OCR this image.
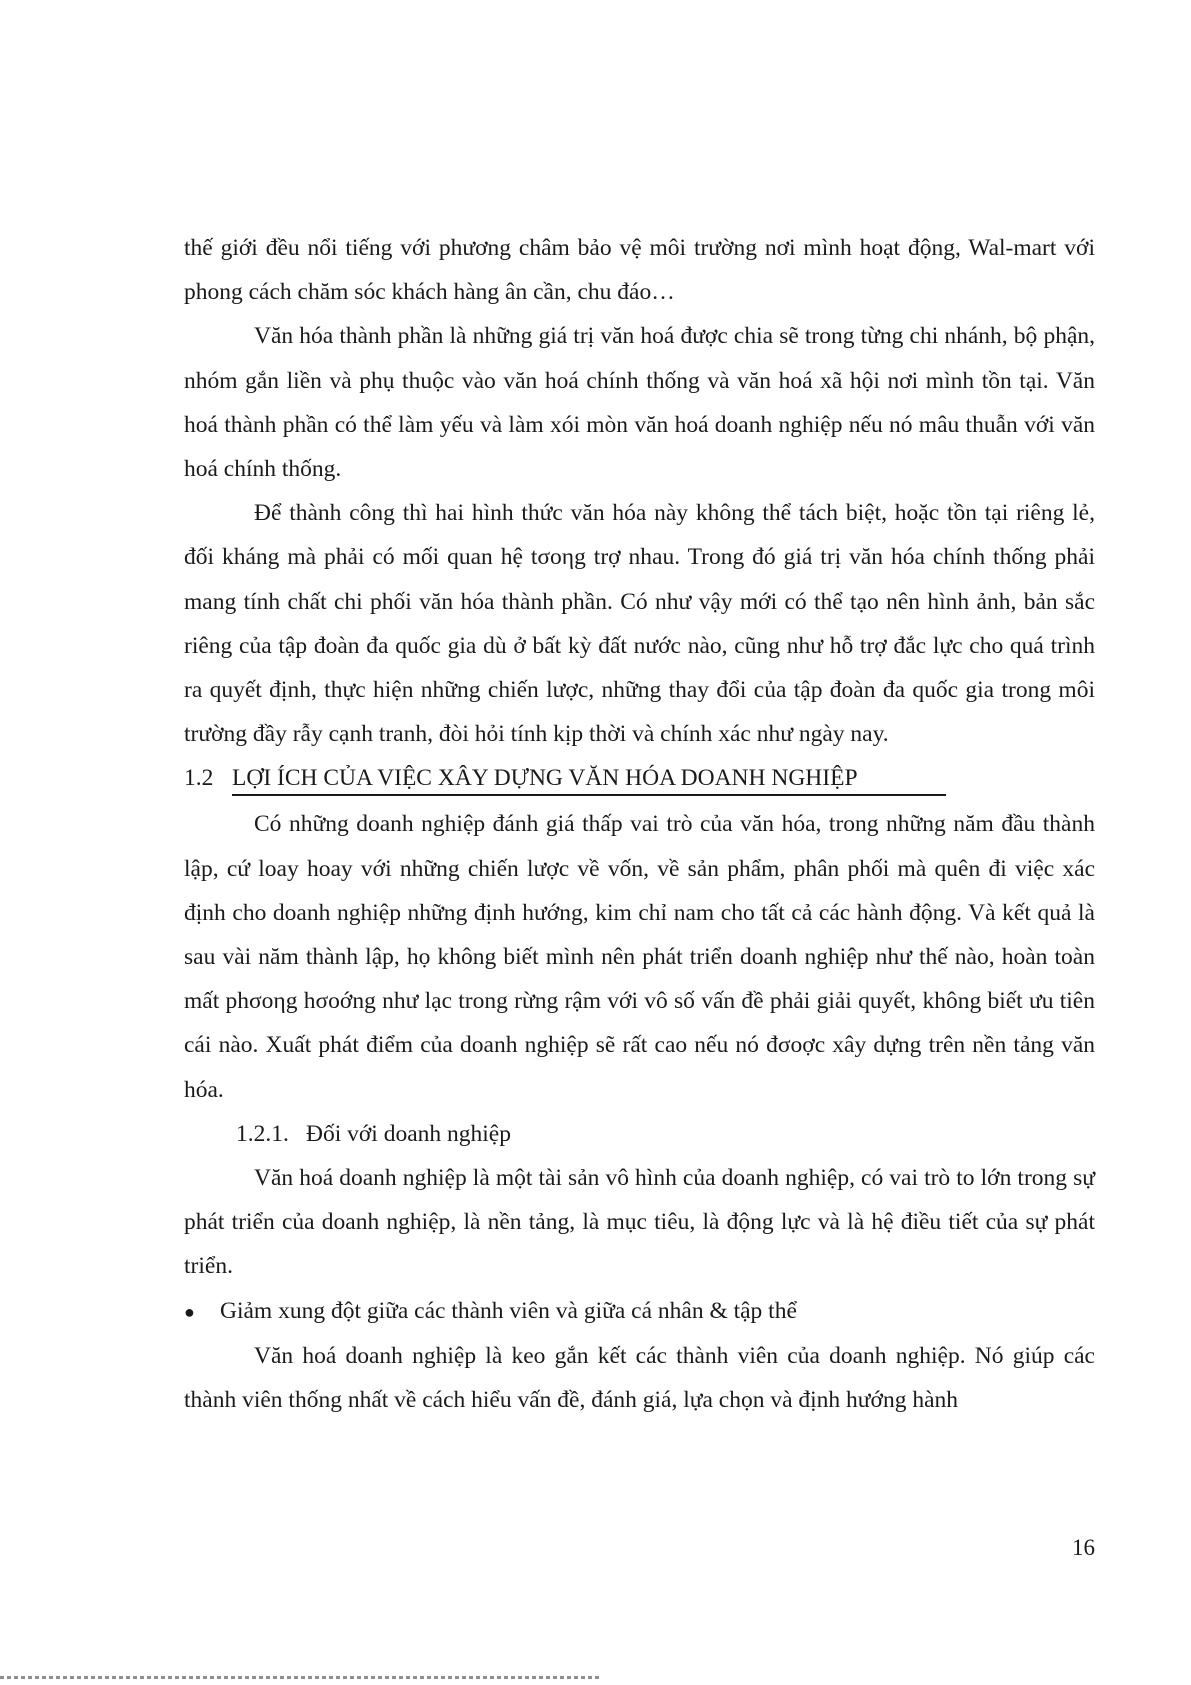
thế giới đều nổi tiếng với phương châm bảo vệ môi trường nơi mình hoạt động, Wal-mart với phong cách chăm sóc khách hàng ân cần, chu đáo…

Văn hóa thành phần là những giá trị văn hoá được chia sẽ trong từng chi nhánh, bộ phận, nhóm gắn liền và phụ thuộc vào văn hoá chính thống và văn hoá xã hội nơi mình tồn tại. Văn hoá thành phần có thể làm yếu và làm xói mòn văn hoá doanh nghiệp nếu nó mâu thuẫn với văn hoá chính thống.

Để thành công thì hai hình thức văn hóa này không thể tách biệt, hoặc tồn tại riêng lẻ, đối kháng mà phải có mối quan hệ tσoηg trợ nhau. Trong đó giá trị văn hóa chính thống phải mang tính chất chi phối văn hóa thành phần. Có như vậy mới có thể tạo nên hình ảnh, bản sắc riêng của tập đoàn đa quốc gia dù ở bất kỳ đất nước nào, cũng như hỗ trợ đắc lực cho quá trình ra quyết định, thực hiện những chiến lược, những thay đổi của tập đoàn đa quốc gia trong môi trường đầy rẫy cạnh tranh, đòi hỏi tính kịp thời và chính xác như ngày nay.

1.2 LỢI ÍCH CỦA VIỆC XÂY DỰNG VĂN HÓA DOANH NGHIỆP

Có những doanh nghiệp đánh giá thấp vai trò của văn hóa, trong những năm đầu thành lập, cứ loay hoay với những chiến lược về vốn, về sản phẩm, phân phối mà quên đi việc xác định cho doanh nghiệp những định hướng, kim chỉ nam cho tất cả các hành động. Và kết quả là sau vài năm thành lập, họ không biết mình nên phát triển doanh nghiệp như thế nào, hoàn toàn mất phσoηg hσoớng như lạc trong rừng rậm với vô số vấn đề phải giải quyết, không biết ưu tiên cái nào. Xuất phát điểm của doanh nghiệp sẽ rất cao nếu nó đσoợc xây dựng trên nền tảng văn hóa.

1.2.1. Đối với doanh nghiệp

Văn hoá doanh nghiệp là một tài sản vô hình của doanh nghiệp, có vai trò to lớn trong sự phát triển của doanh nghiệp, là nền tảng, là mục tiêu, là động lực và là hệ điều tiết của sự phát triển.

●	Giảm xung đột giữa các thành viên và giữa cá nhân & tập thể

Văn hoá doanh nghiệp là keo gắn kết các thành viên của doanh nghiệp. Nó giúp các thành viên thống nhất về cách hiểu vấn đề, đánh giá, lựa chọn và định hướng hành

16
